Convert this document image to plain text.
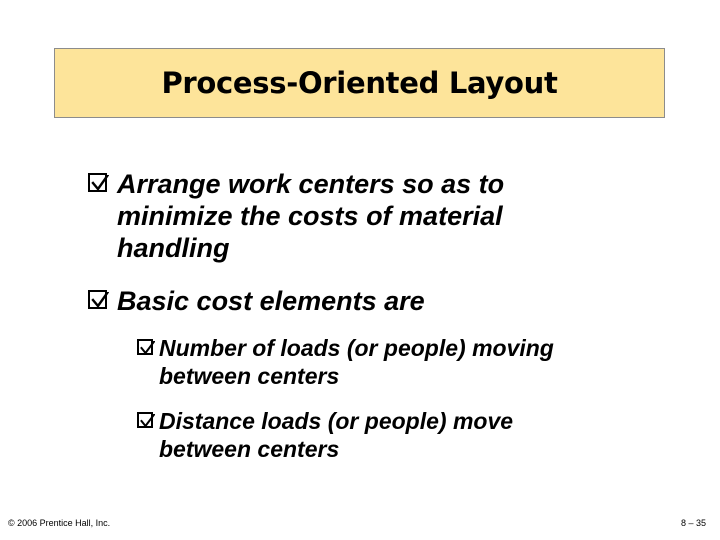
Process-Oriented Layout
Arrange work centers so as to
minimize the costs of material
handling
Basic cost elements are
Number of loads (or people) moving
between centers
Distance loads (or people) move
between centers
© 2006 Prentice Hall, Inc.	8 – 35
